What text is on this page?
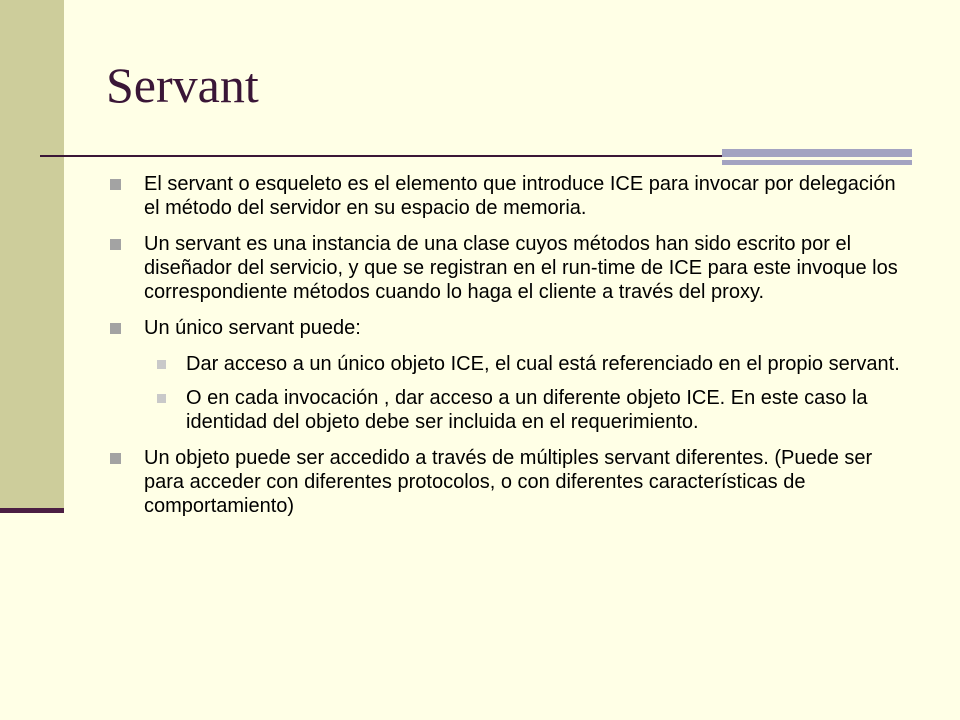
Servant
El servant o esqueleto es el elemento que introduce ICE para invocar por delegación el método del servidor en su espacio de memoria.
Un servant es una instancia de una clase cuyos métodos han sido escrito por el diseñador del servicio, y que se registran en el run-time de ICE para este invoque los correspondiente métodos cuando lo haga el cliente a través del proxy.
Un único servant puede:
Dar acceso a un único objeto ICE, el cual está referenciado en el propio servant.
O en cada invocación , dar acceso a un diferente objeto ICE. En este caso la identidad del objeto debe ser incluida en el requerimiento.
Un objeto puede ser accedido a través de múltiples servant diferentes. (Puede ser para acceder con diferentes protocolos, o con diferentes características de comportamiento)
